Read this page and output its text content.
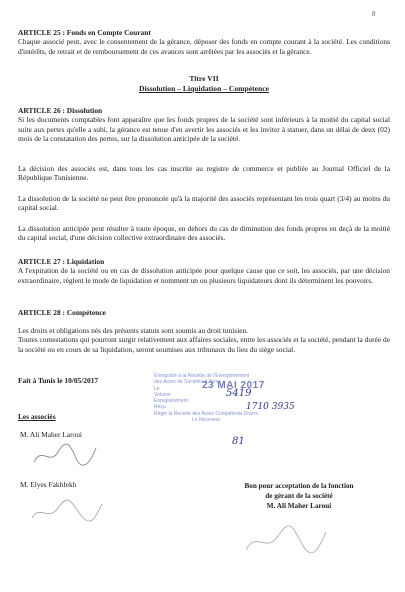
8
ARTICLE 25 : Fonds en Compte Courant
Chaque associé peut, avec le consentement de la gérance, déposer des fonds en compte courant à la société. Les conditions d'intérêts, de retrait et de remboursement de ces avances sont arrêtées par les associés et la gérance.
Titre VII
Dissolution – Liquidation – Compétence
ARTICLE 26 : Dissolution
Si les documents comptables font apparaître que les fonds propres de la société sont inférieurs à la moitié du capital social suite aux pertes qu'elle a subi, la gérance est tenue d'en avertir les associés et les inviter à statuer, dans un délai de deux (02) mois de la constatation des pertes, sur la dissolution anticipée de la société.
La décision des associés est, dans tous les cas inscrite au registre de commerce et publiée au Journal Officiel de la République Tunisienne.
La dissolution de la société ne peut être prononcée qu'à la majorité des associés représentant les trois quart (3/4) au moins du capital social.
La dissolution anticipée peut résulter à toute époque, en dehors du cas de diminution des fonds propres en deçà de la moitié du capital social, d'une décision collective extraordinaire des associés.
ARTICLE 27 : Liquidation
A l'expiration de la société ou en cas de dissolution anticipée pour quelque cause que ce soit, les associés, par une décision extraordinaire, règlent le mode de liquidation et nomment un ou plusieurs liquidateurs dont ils déterminent les pouvoirs.
ARTICLE 28 : Compétence
Les droits et obligations nés des présents statuts sont soumis au droit tunisien.
Toutes contestations qui pourront surgir relativement aux affaires sociales, entre les associés et la société, pendant la durée de la société ou en cours de sa liquidation, seront soumises aux tribunaux du lieu du siège social.
Fait à Tunis le 10/05/2017	Enregistré à la Recette de l'Enregistrement
des Actes de Sociétés à Tunis
23 MAI 2017
Le
Volume
Enregistrement
Reçu
Régie la Recette des Actes Compétents Divers
Le Receveur
5419
1710 3935
81
Les associés
M. Ali Maher Laroui
M. Elyes Fakhfekh	Bon pour acceptation de la fonction
de gérant de la société
M. Ali Maher Laroui
